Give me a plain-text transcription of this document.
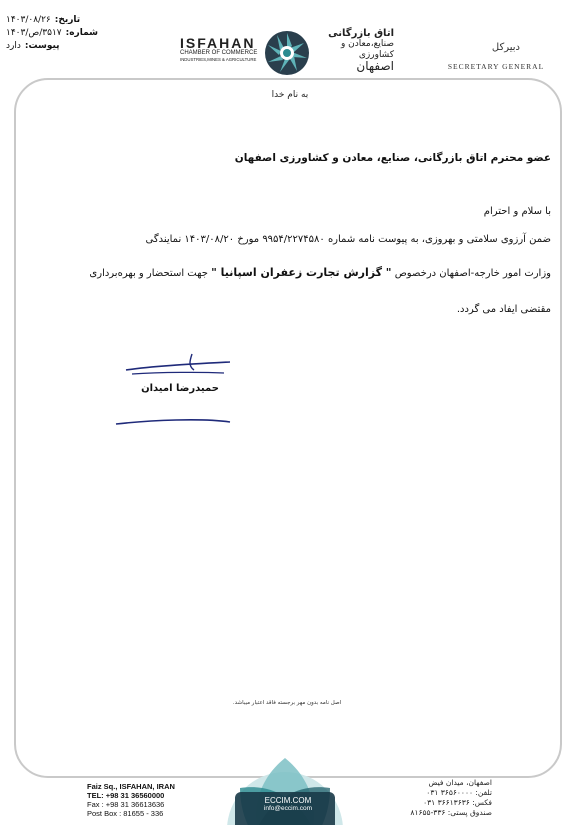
تاریخ:
۱۴۰۳/۰۸/۲۶
شماره:
۳۵۱۷/ص/۱۴۰۳
پیوست:
دارد	ISFAHAN
CHAMBER OF COMMERCE
INDUSTRIES,MINES & AGRICULTURE
اتاق بازرگانی
صنایع،معادن و کشاورزی
اصفهان
دبیرکل
SECRETARY GENERAL
به نام خدا
عضو محترم اتاق بازرگانی، صنایع، معادن و کشاورزی اصفهان
با سلام و احترام
ضمن آرزوی سلامتی و بهروزی، به پیوست نامه شماره ۹۹۵۴/۲۲۷۴۵۸۰ مورخ ۱۴۰۳/۰۸/۲۰ نمایندگی
وزارت امور خارجه-اصفهان درخصوص " گزارش تجارت زعفران اسپانیا " جهت استحضار و بهره‌برداری
مقتضی ایفاد می گردد.
حمیدرضا امیدان
اصل نامه بدون مهر برجسته فاقد اعتبار میباشد.
Faiz Sq., ISFAHAN, IRAN
TEL: +98 31 36560000
Fax : +98 31 36613636
Post Box : 81655 - 336
ECCIM.COM
info@eccim.com
اصفهان، میدان فیض
تلفن: ۳۶۵۶۰۰۰۰ ۰۳۱
فکس: ۳۶۶۱۳۶۳۶ ۰۳۱
صندوق پستی: ۳۳۶-۸۱۶۵۵
